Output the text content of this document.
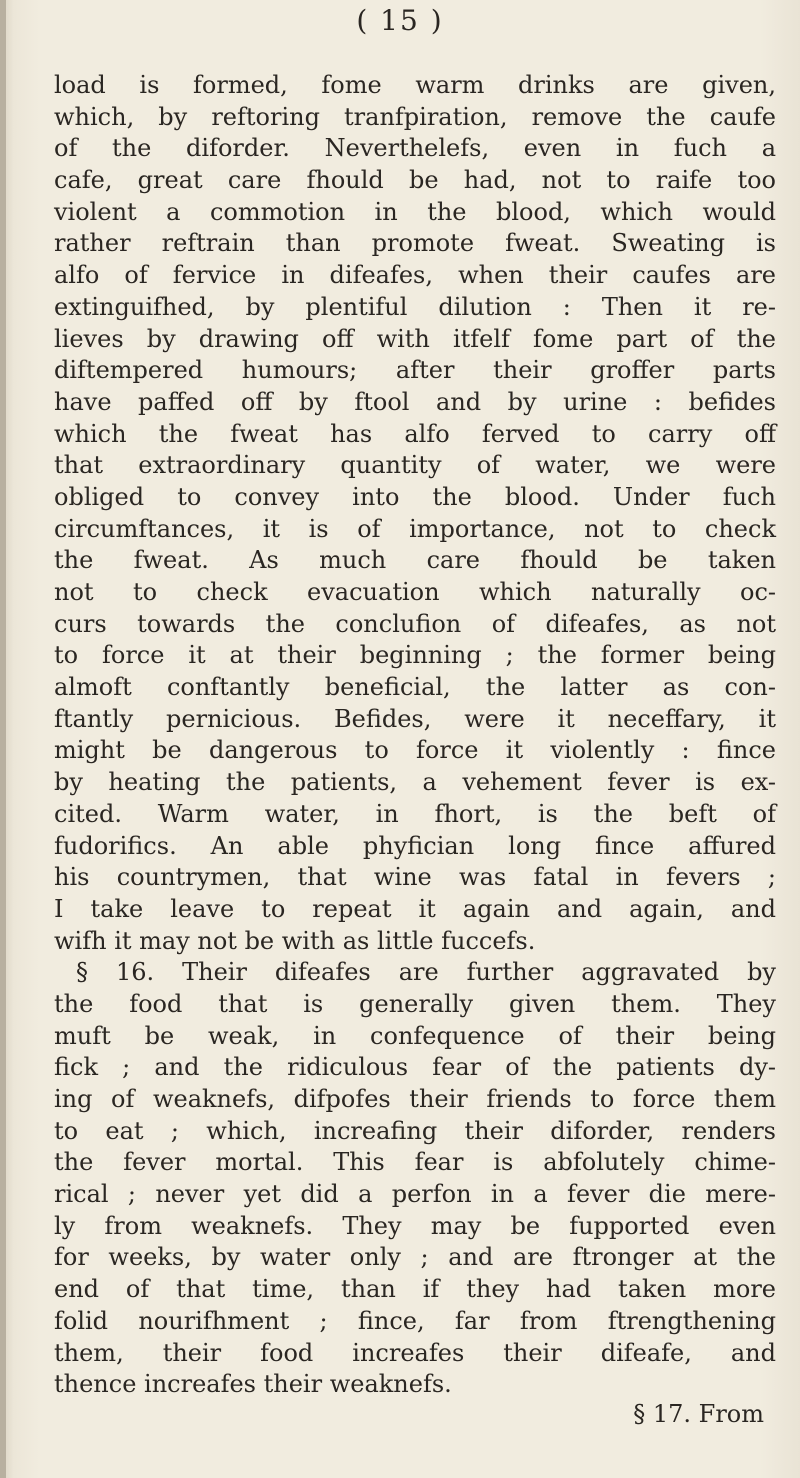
( 15 )
load is formed, fome warm drinks are given,
which, by reftoring tranfpiration, remove the caufe
of the diforder. Neverthelefs, even in fuch a
cafe, great care fhould be had, not to raife too
violent a commotion in the blood, which would
rather reftrain than promote fweat. Sweating is
alfo of fervice in difeafes, when their caufes are
extinguifhed, by plentiful dilution : Then it re-
lieves by drawing off with itfelf fome part of the
diftempered humours; after their groffer parts
have paffed off by ftool and by urine : befides
which the fweat has alfo ferved to carry off
that extraordinary quantity of water, we were
obliged to convey into the blood. Under fuch
circumftances, it is of importance, not to check
the fweat. As much care fhould be taken
not to check evacuation which naturally oc-
curs towards the conclufion of difeafes, as not
to force it at their beginning ; the former being
almoft conftantly beneficial, the latter as con-
ftantly pernicious. Befides, were it neceffary, it
might be dangerous to force it violently : fince
by heating the patients, a vehement fever is ex-
cited. Warm water, in fhort, is the beft of
fudorifics. An able phyfician long fince affured
his countrymen, that wine was fatal in fevers ;
I take leave to repeat it again and again, and
wifh it may not be with as little fuccefs.
§ 16. Their difeafes are further aggravated by
the food that is generally given them. They
muft be weak, in confequence of their being
fick ; and the ridiculous fear of the patients dy-
ing of weaknefs, difpofes their friends to force them
to eat ; which, increafing their diforder, renders
the fever mortal. This fear is abfolutely chime-
rical ; never yet did a perfon in a fever die mere-
ly from weaknefs. They may be fupported even
for weeks, by water only ; and are ftronger at the
end of that time, than if they had taken more
folid nourifhment ; fince, far from ftrengthening
them, their food increafes their difeafe, and
thence increafes their weaknefs.
§ 17. From
